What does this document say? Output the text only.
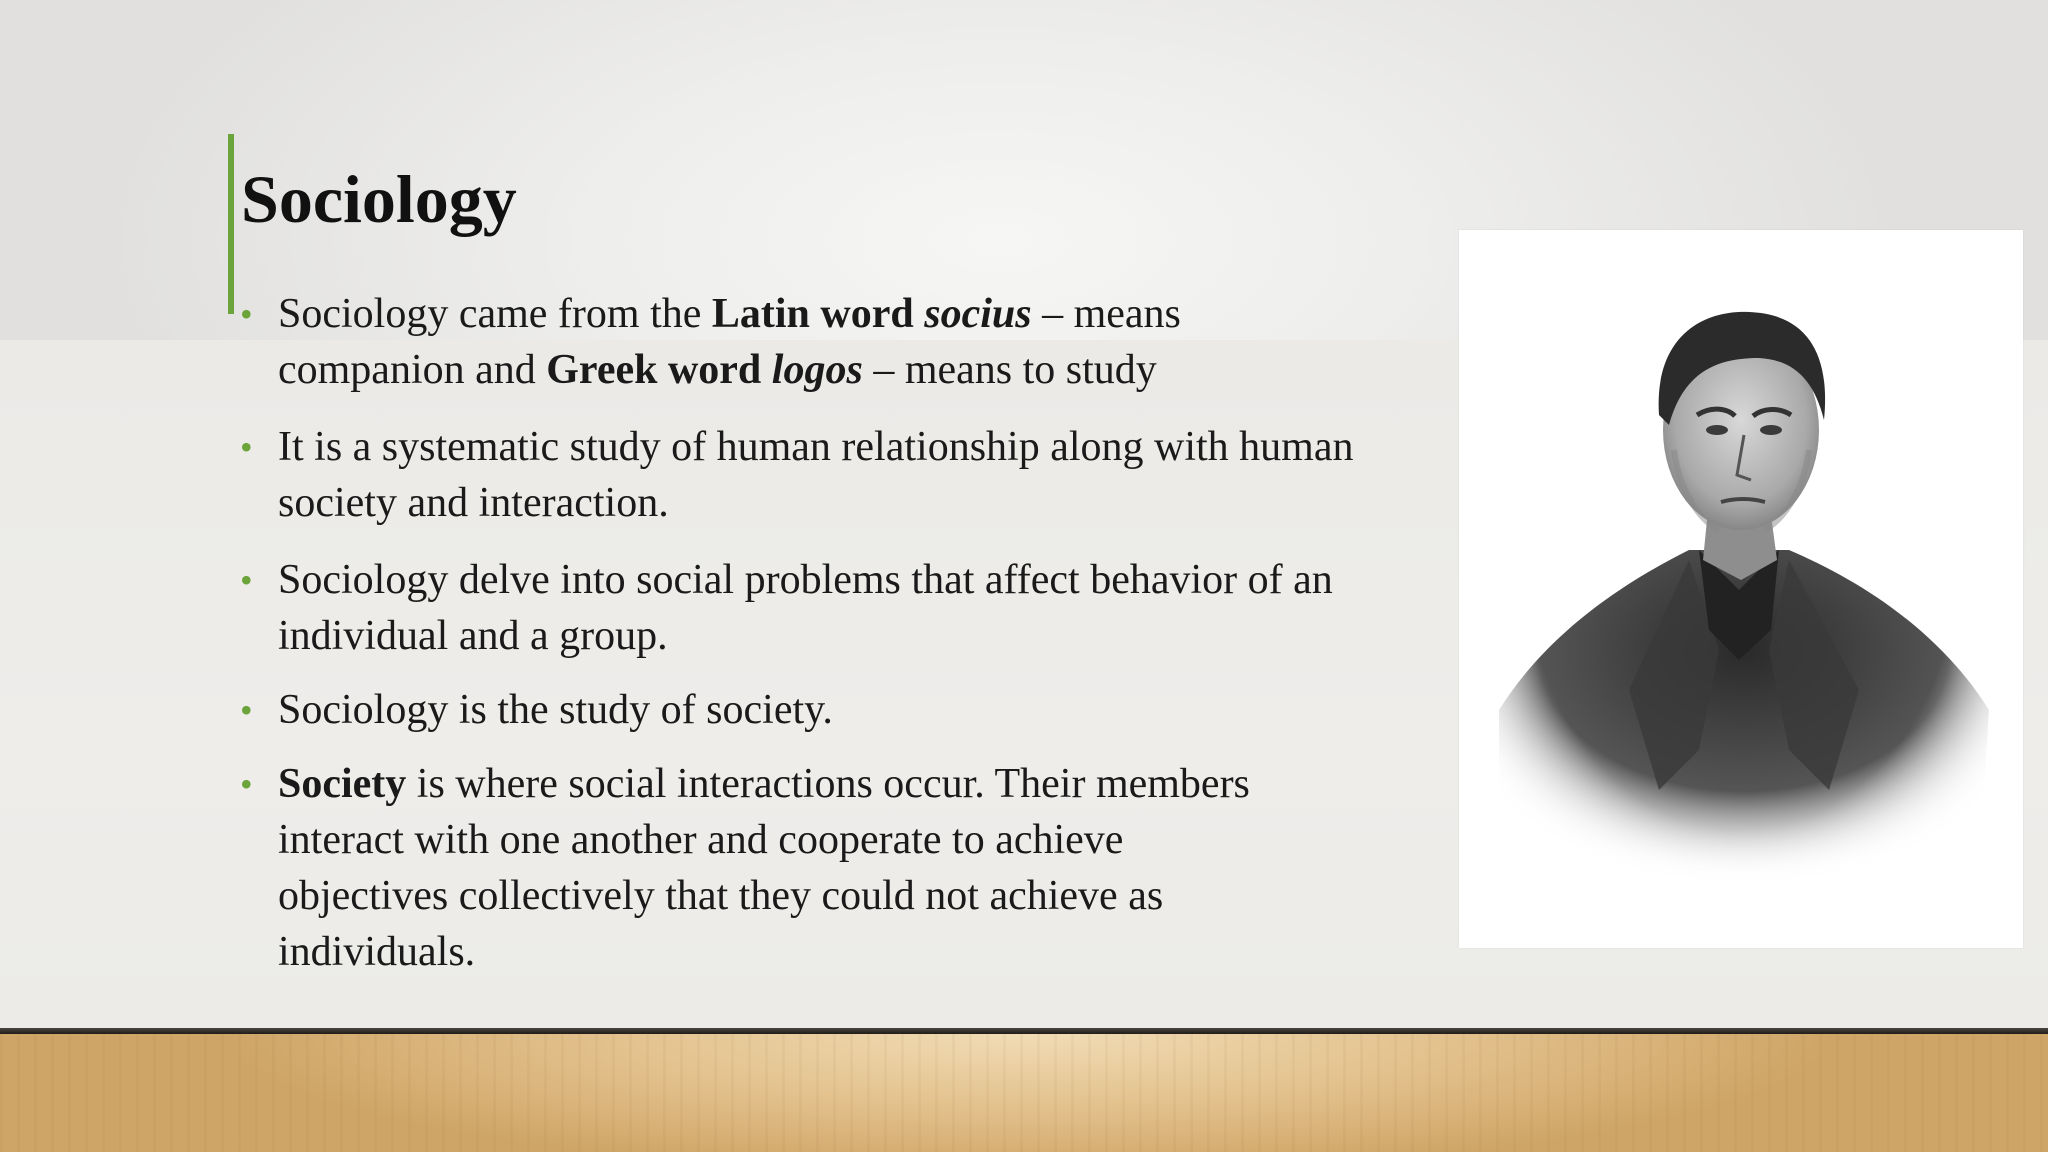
Sociology
• Sociology came from the Latin word socius – means companion and Greek word logos – means to study
• It is a systematic study of human relationship along with human society and interaction.
• Sociology delve into social problems that affect behavior of an individual and a group.
• Sociology is the study of society.
• Society is where social interactions occur. Their members interact with one another and cooperate to achieve objectives collectively that they could not achieve as individuals.
